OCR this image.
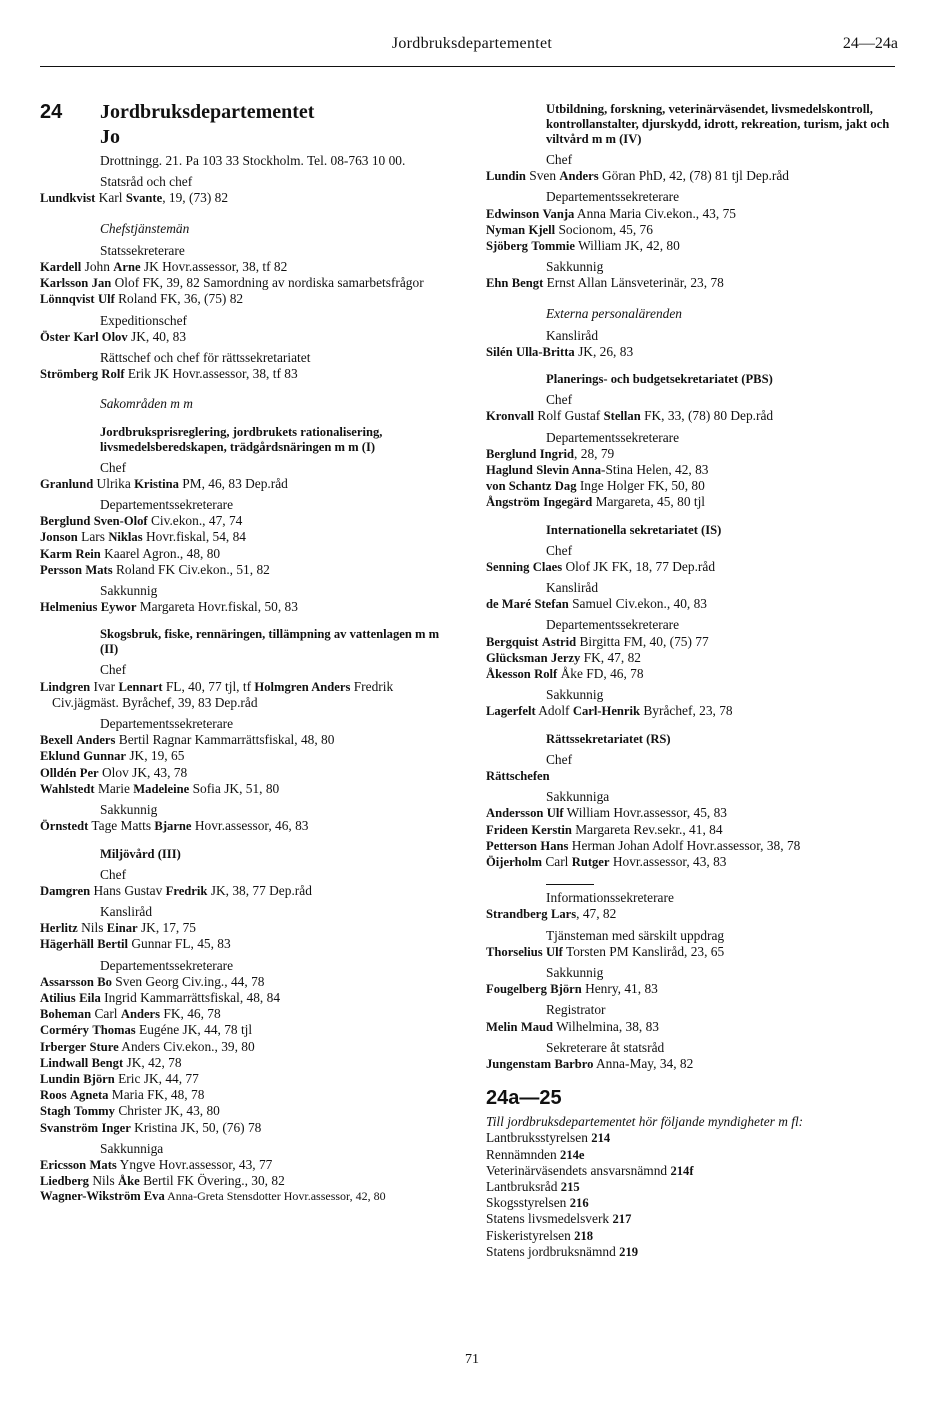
Jordbruksdepartementet	24—24a
24 Jordbruksdepartementet
Jo
Drottningg. 21. Pa 103 33 Stockholm. Tel. 08-763 10 00.
Statsråd och chef
Lundkvist Karl Svante, 19, (73) 82
Chefstjänstemän
Statssekreterare
Kardell John Arne JK Hovr.assessor, 38, tf 82
Karlsson Jan Olof FK, 39, 82 Samordning av nordiska samarbetsfrågor
Lönnqvist Ulf Roland FK, 36, (75) 82
Expeditionschef
Öster Karl Olov JK, 40, 83
Rättschef och chef för rättssekretariatet
Strömberg Rolf Erik JK Hovr.assessor, 38, tf 83
Sakområden m m
Jordbruksprisreglering, jordbrukets rationalisering, livsmedelsberedskapen, trädgårdsnäringen m m (I)
Chef
Granlund Ulrika Kristina PM, 46, 83 Dep.råd
Departementssekreterare
Berglund Sven-Olof Civ.ekon., 47, 74
Jonson Lars Niklas Hovr.fiskal, 54, 84
Karm Rein Kaarel Agron., 48, 80
Persson Mats Roland FK Civ.ekon., 51, 82
Sakkunnig
Helmenius Eywor Margareta Hovr.fiskal, 50, 83
Skogsbruk, fiske, rennäringen, tillämpning av vattenlagen m m (II)
Chef
Lindgren Ivar Lennart FL, 40, 77 tjl, tf Holmgren Anders Fredrik Civ.jägmäst. Byråchef, 39, 83 Dep.råd
Departementssekreterare
Bexell Anders Bertil Ragnar Kammarrättsfiskal, 48, 80
Eklund Gunnar JK, 19, 65
Olldén Per Olov JK, 43, 78
Wahlstedt Marie Madeleine Sofia JK, 51, 80
Sakkunnig
Örnstedt Tage Matts Bjarne Hovr.assessor, 46, 83
Miljövård (III)
Chef
Damgren Hans Gustav Fredrik JK, 38, 77 Dep.råd
Kansliråd
Herlitz Nils Einar JK, 17, 75
Hägerhäll Bertil Gunnar FL, 45, 83
Departementssekreterare
Assarsson Bo Sven Georg Civ.ing., 44, 78
Atilius Eila Ingrid Kammarrättsfiskal, 48, 84
Boheman Carl Anders FK, 46, 78
Corméry Thomas Eugéne JK, 44, 78 tjl
Irberger Sture Anders Civ.ekon., 39, 80
Lindwall Bengt JK, 42, 78
Lundin Björn Eric JK, 44, 77
Roos Agneta Maria FK, 48, 78
Stagh Tommy Christer JK, 43, 80
Svanström Inger Kristina JK, 50, (76) 78
Sakkunniga
Ericsson Mats Yngve Hovr.assessor, 43, 77
Liedberg Nils Åke Bertil FK Övering., 30, 82
Wagner-Wikström Eva Anna-Greta Stensdotter Hovr.assessor, 42, 80
Utbildning, forskning, veterinärväsendet, livsmedelskontroll, kontrollanstalter, djurskydd, idrott, rekreation, turism, jakt och viltvård m m (IV)
Chef
Lundin Sven Anders Göran PhD, 42, (78) 81 tjl Dep.råd
Departementssekreterare
Edwinson Vanja Anna Maria Civ.ekon., 43, 75
Nyman Kjell Socionom, 45, 76
Sjöberg Tommie William JK, 42, 80
Sakkunnig
Ehn Bengt Ernst Allan Länsveterinär, 23, 78
Externa personalärenden
Kansliråd
Silén Ulla-Britta JK, 26, 83
Planerings- och budgetsekretariatet (PBS)
Chef
Kronvall Rolf Gustaf Stellan FK, 33, (78) 80 Dep.råd
Departementssekreterare
Berglund Ingrid, 28, 79
Haglund Slevin Anna-Stina Helen, 42, 83
von Schantz Dag Inge Holger FK, 50, 80
Ångström Ingegärd Margareta, 45, 80 tjl
Internationella sekretariatet (IS)
Chef
Senning Claes Olof JK FK, 18, 77 Dep.råd
Kansliråd
de Maré Stefan Samuel Civ.ekon., 40, 83
Departementssekreterare
Bergquist Astrid Birgitta FM, 40, (75) 77
Glücksman Jerzy FK, 47, 82
Åkesson Rolf Åke FD, 46, 78
Sakkunnig
Lagerfelt Adolf Carl-Henrik Byråchef, 23, 78
Rättssekretariatet (RS)
Chef
Rättschefen
Sakkunniga
Andersson Ulf William Hovr.assessor, 45, 83
Frideen Kerstin Margareta Rev.sekr., 41, 84
Petterson Hans Herman Johan Adolf Hovr.assessor, 38, 78
Öijerholm Carl Rutger Hovr.assessor, 43, 83
Informationssekreterare
Strandberg Lars, 47, 82
Tjänsteman med särskilt uppdrag
Thorselius Ulf Torsten PM Kansliråd, 23, 65
Sakkunnig
Fougelberg Björn Henry, 41, 83
Registrator
Melin Maud Wilhelmina, 38, 83
Sekreterare åt statsråd
Jungenstam Barbro Anna-May, 34, 82
24a—25
Till jordbruksdepartementet hör följande myndigheter m fl:
Lantbruksstyrelsen 214
Rennämnden 214e
Veterinärväsendets ansvarsnämnd 214f
Lantbruksråd 215
Skogsstyrelsen 216
Statens livsmedelsverk 217
Fiskeristyrelsen 218
Statens jordbruksnämnd 219
71
